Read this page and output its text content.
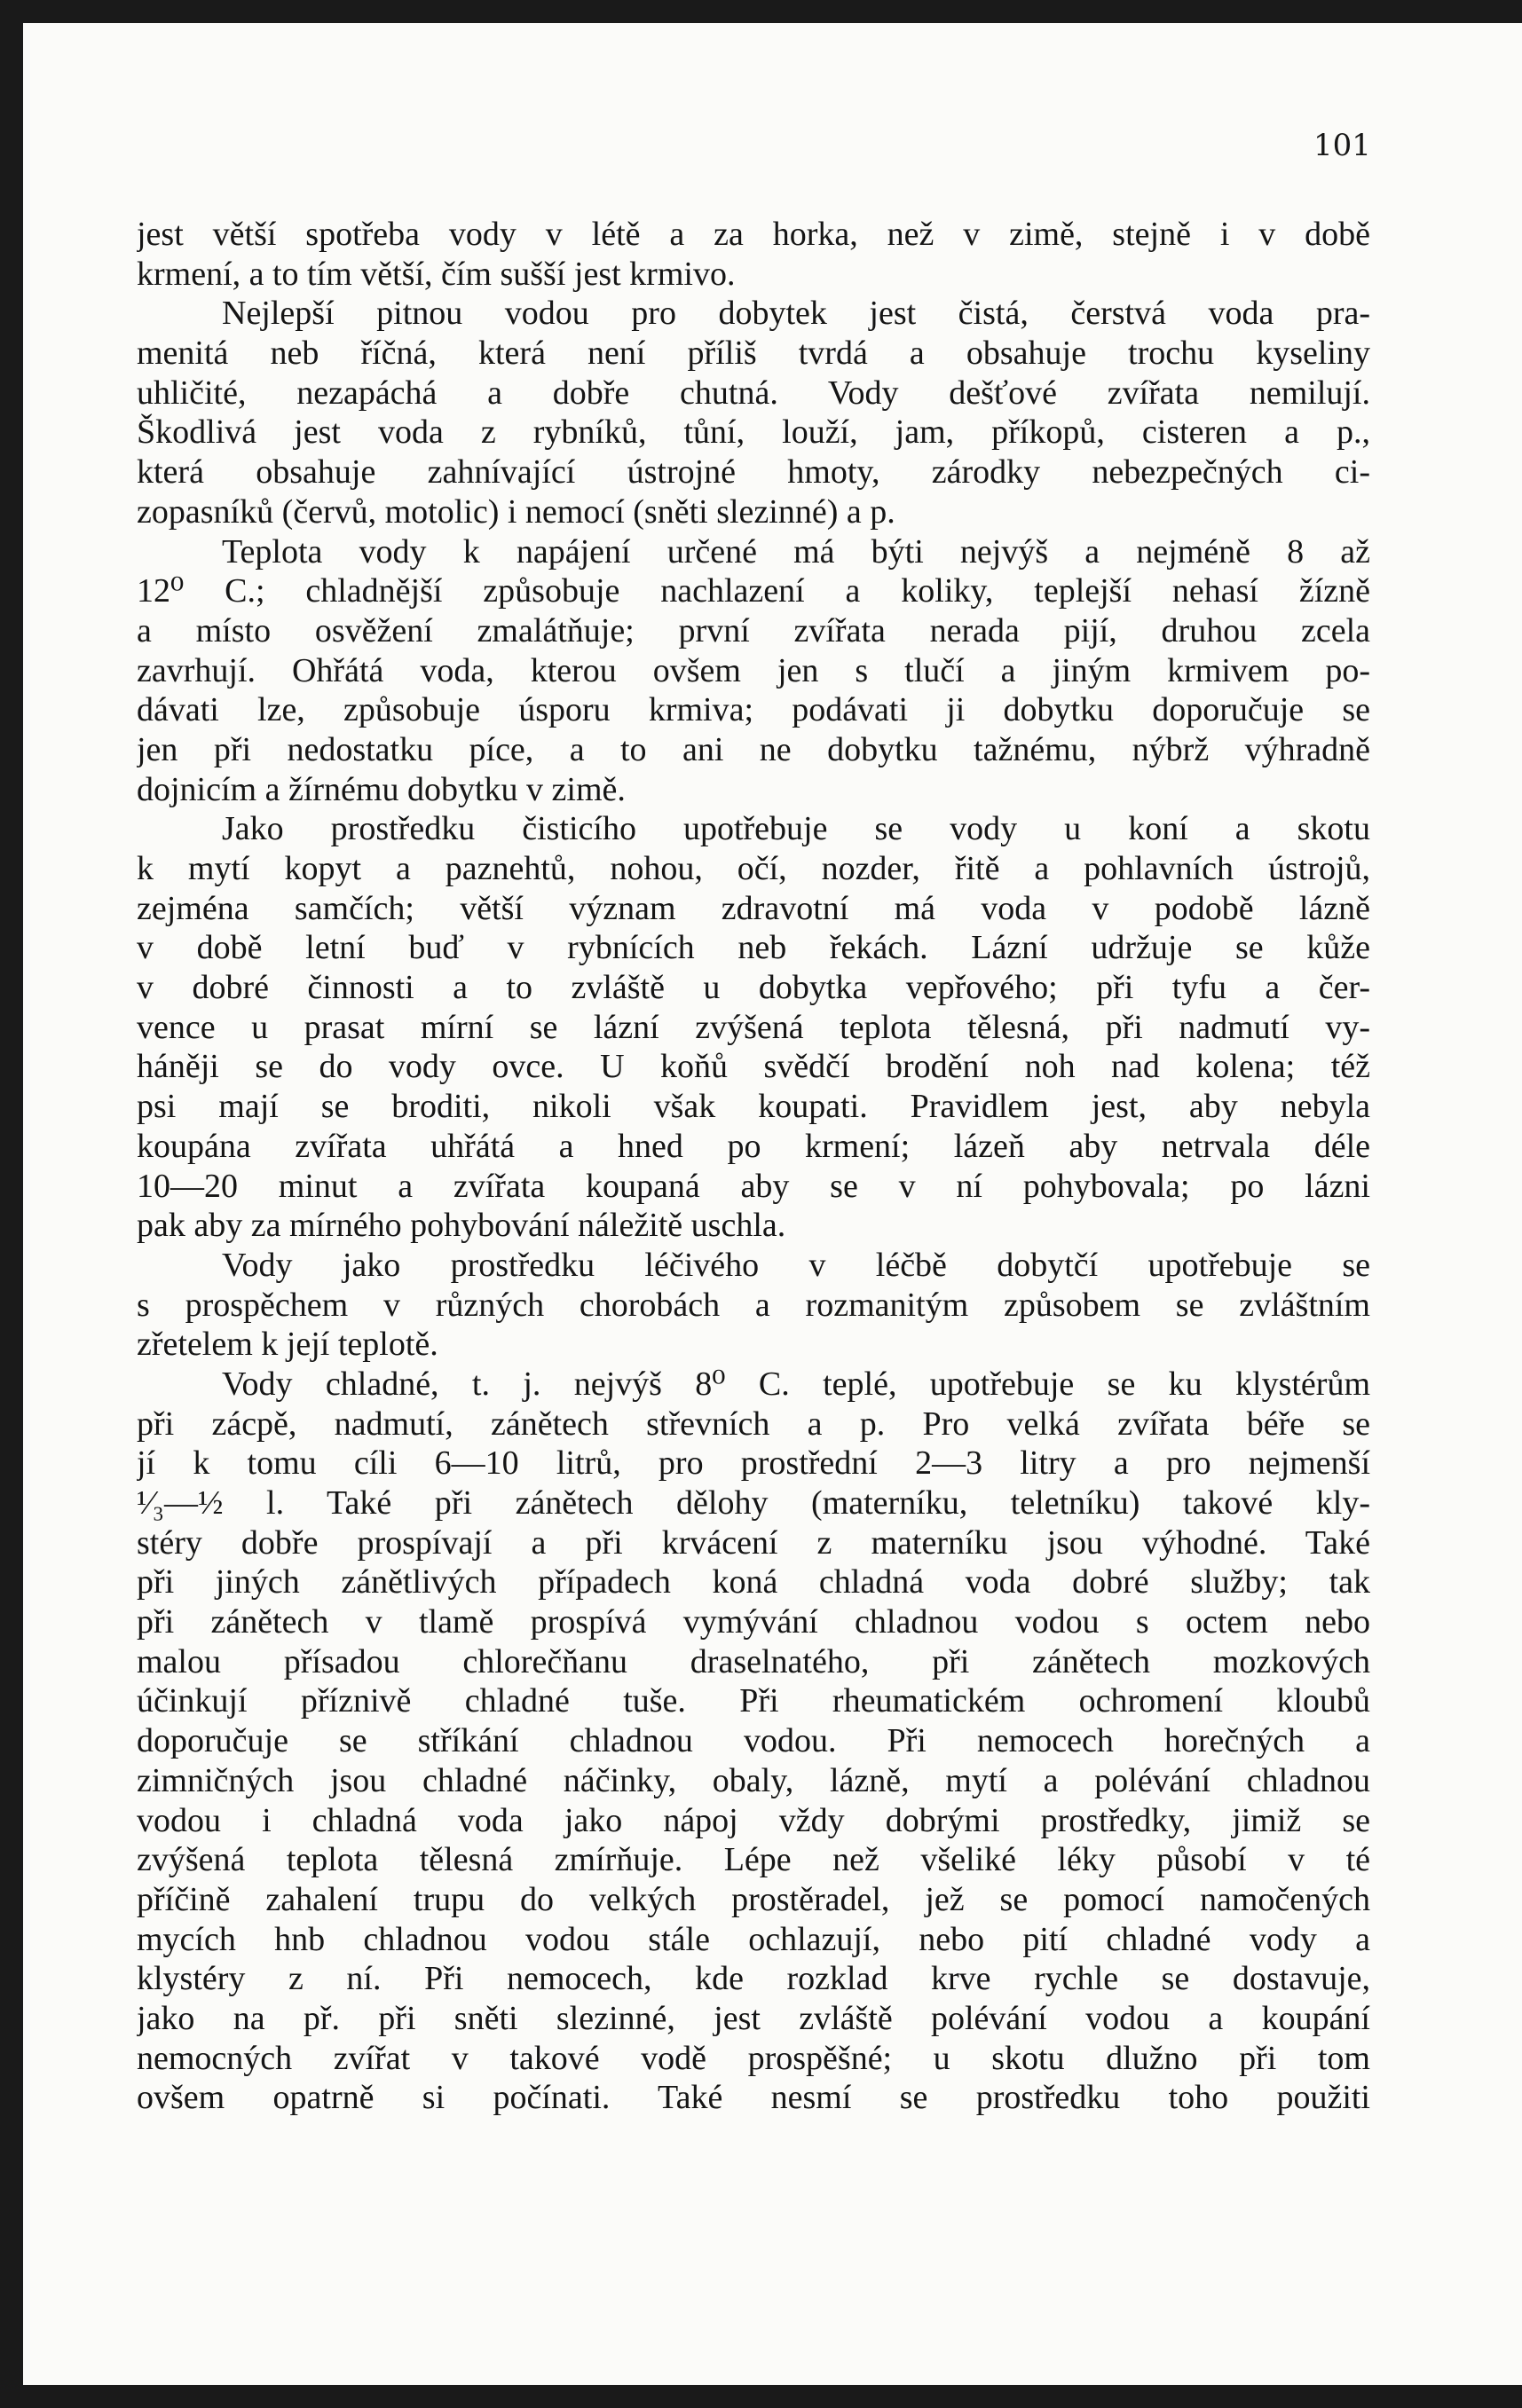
101
jest větší spotřeba vody v létě a za horka, než v zimě, stejně i v době
krmení, a to tím větší, čím sušší jest krmivo.
Nejlepší pitnou vodou pro dobytek jest čistá, čerstvá voda pra-
menitá neb říčná, která není příliš tvrdá a obsahuje trochu kyseliny
uhličité, nezapáchá a dobře chutná. Vody dešťové zvířata nemilují.
Škodlivá jest voda z rybníků, tůní, louží, jam, příkopů, cisteren a p.,
která obsahuje zahnívající ústrojné hmoty, zárodky nebezpečných ci-
zopasníků (červů, motolic) i nemocí (sněti slezinné) a p.
Teplota vody k napájení určené má býti nejvýš a nejméně 8 až
12⁰ C.; chladnější způsobuje nachlazení a koliky, teplejší nehasí žízně
a místo osvěžení zmalátňuje; první zvířata nerada pijí, druhou zcela
zavrhují. Ohřátá voda, kterou ovšem jen s tlučí a jiným krmivem po-
dávati lze, způsobuje úsporu krmiva; podávati ji dobytku doporučuje se
jen při nedostatku píce, a to ani ne dobytku tažnému, nýbrž výhradně
dojnicím a žírnému dobytku v zimě.
Jako prostředku čisticího upotřebuje se vody u koní a skotu
k mytí kopyt a paznehtů, nohou, očí, nozder, řitě a pohlavních ústrojů,
zejména samčích; větší význam zdravotní má voda v podobě lázně
v době letní buď v rybnících neb řekách. Lázní udržuje se kůže
v dobré činnosti a to zvláště u dobytka vepřového; při tyfu a čer-
vence u prasat mírní se lázní zvýšená teplota tělesná, při nadmutí vy-
háněji se do vody ovce. U koňů svědčí brodění noh nad kolena; též
psi mají se broditi, nikoli však koupati. Pravidlem jest, aby nebyla
koupána zvířata uhřátá a hned po krmení; lázeň aby netrvala déle
10—20 minut a zvířata koupaná aby se v ní pohybovala; po lázni
pak aby za mírného pohybování náležitě uschla.
Vody jako prostředku léčivého v léčbě dobytčí upotřebuje se
s prospěchem v různých chorobách a rozmanitým způsobem se zvláštním
zřetelem k její teplotě.
Vody chladné, t. j. nejvýš 8⁰ C. teplé, upotřebuje se ku klystérům
při zácpě, nadmutí, zánětech střevních a p. Pro velká zvířata béře se
jí k tomu cíli 6—10 litrů, pro prostřední 2—3 litry a pro nejmenší
¹⁄₃—½ l. Také při zánětech dělohy (materníku, teletníku) takové kly-
stéry dobře prospívají a při krvácení z materníku jsou výhodné. Také
při jiných zánětlivých případech koná chladná voda dobré služby; tak
při zánětech v tlamě prospívá vymývání chladnou vodou s octem nebo
malou přísadou chlorečňanu draselnatého, při zánětech mozkových
účinkují příznivě chladné tuše. Při rheumatickém ochromení kloubů
doporučuje se stříkání chladnou vodou. Při nemocech horečných a
zimničných jsou chladné náčinky, obaly, lázně, mytí a polévání chladnou
vodou i chladná voda jako nápoj vždy dobrými prostředky, jimiž se
zvýšená teplota tělesná zmírňuje. Lépe než všeliké léky působí v té
příčině zahalení trupu do velkých prostěradel, jež se pomocí namočených
mycích hnb chladnou vodou stále ochlazují, nebo pití chladné vody a
klystéry z ní. Při nemocech, kde rozklad krve rychle se dostavuje,
jako na př. při sněti slezinné, jest zvláště polévání vodou a koupání
nemocných zvířat v takové vodě prospěšné; u skotu dlužno při tom
ovšem opatrně si počínati. Také nesmí se prostředku toho použiti
